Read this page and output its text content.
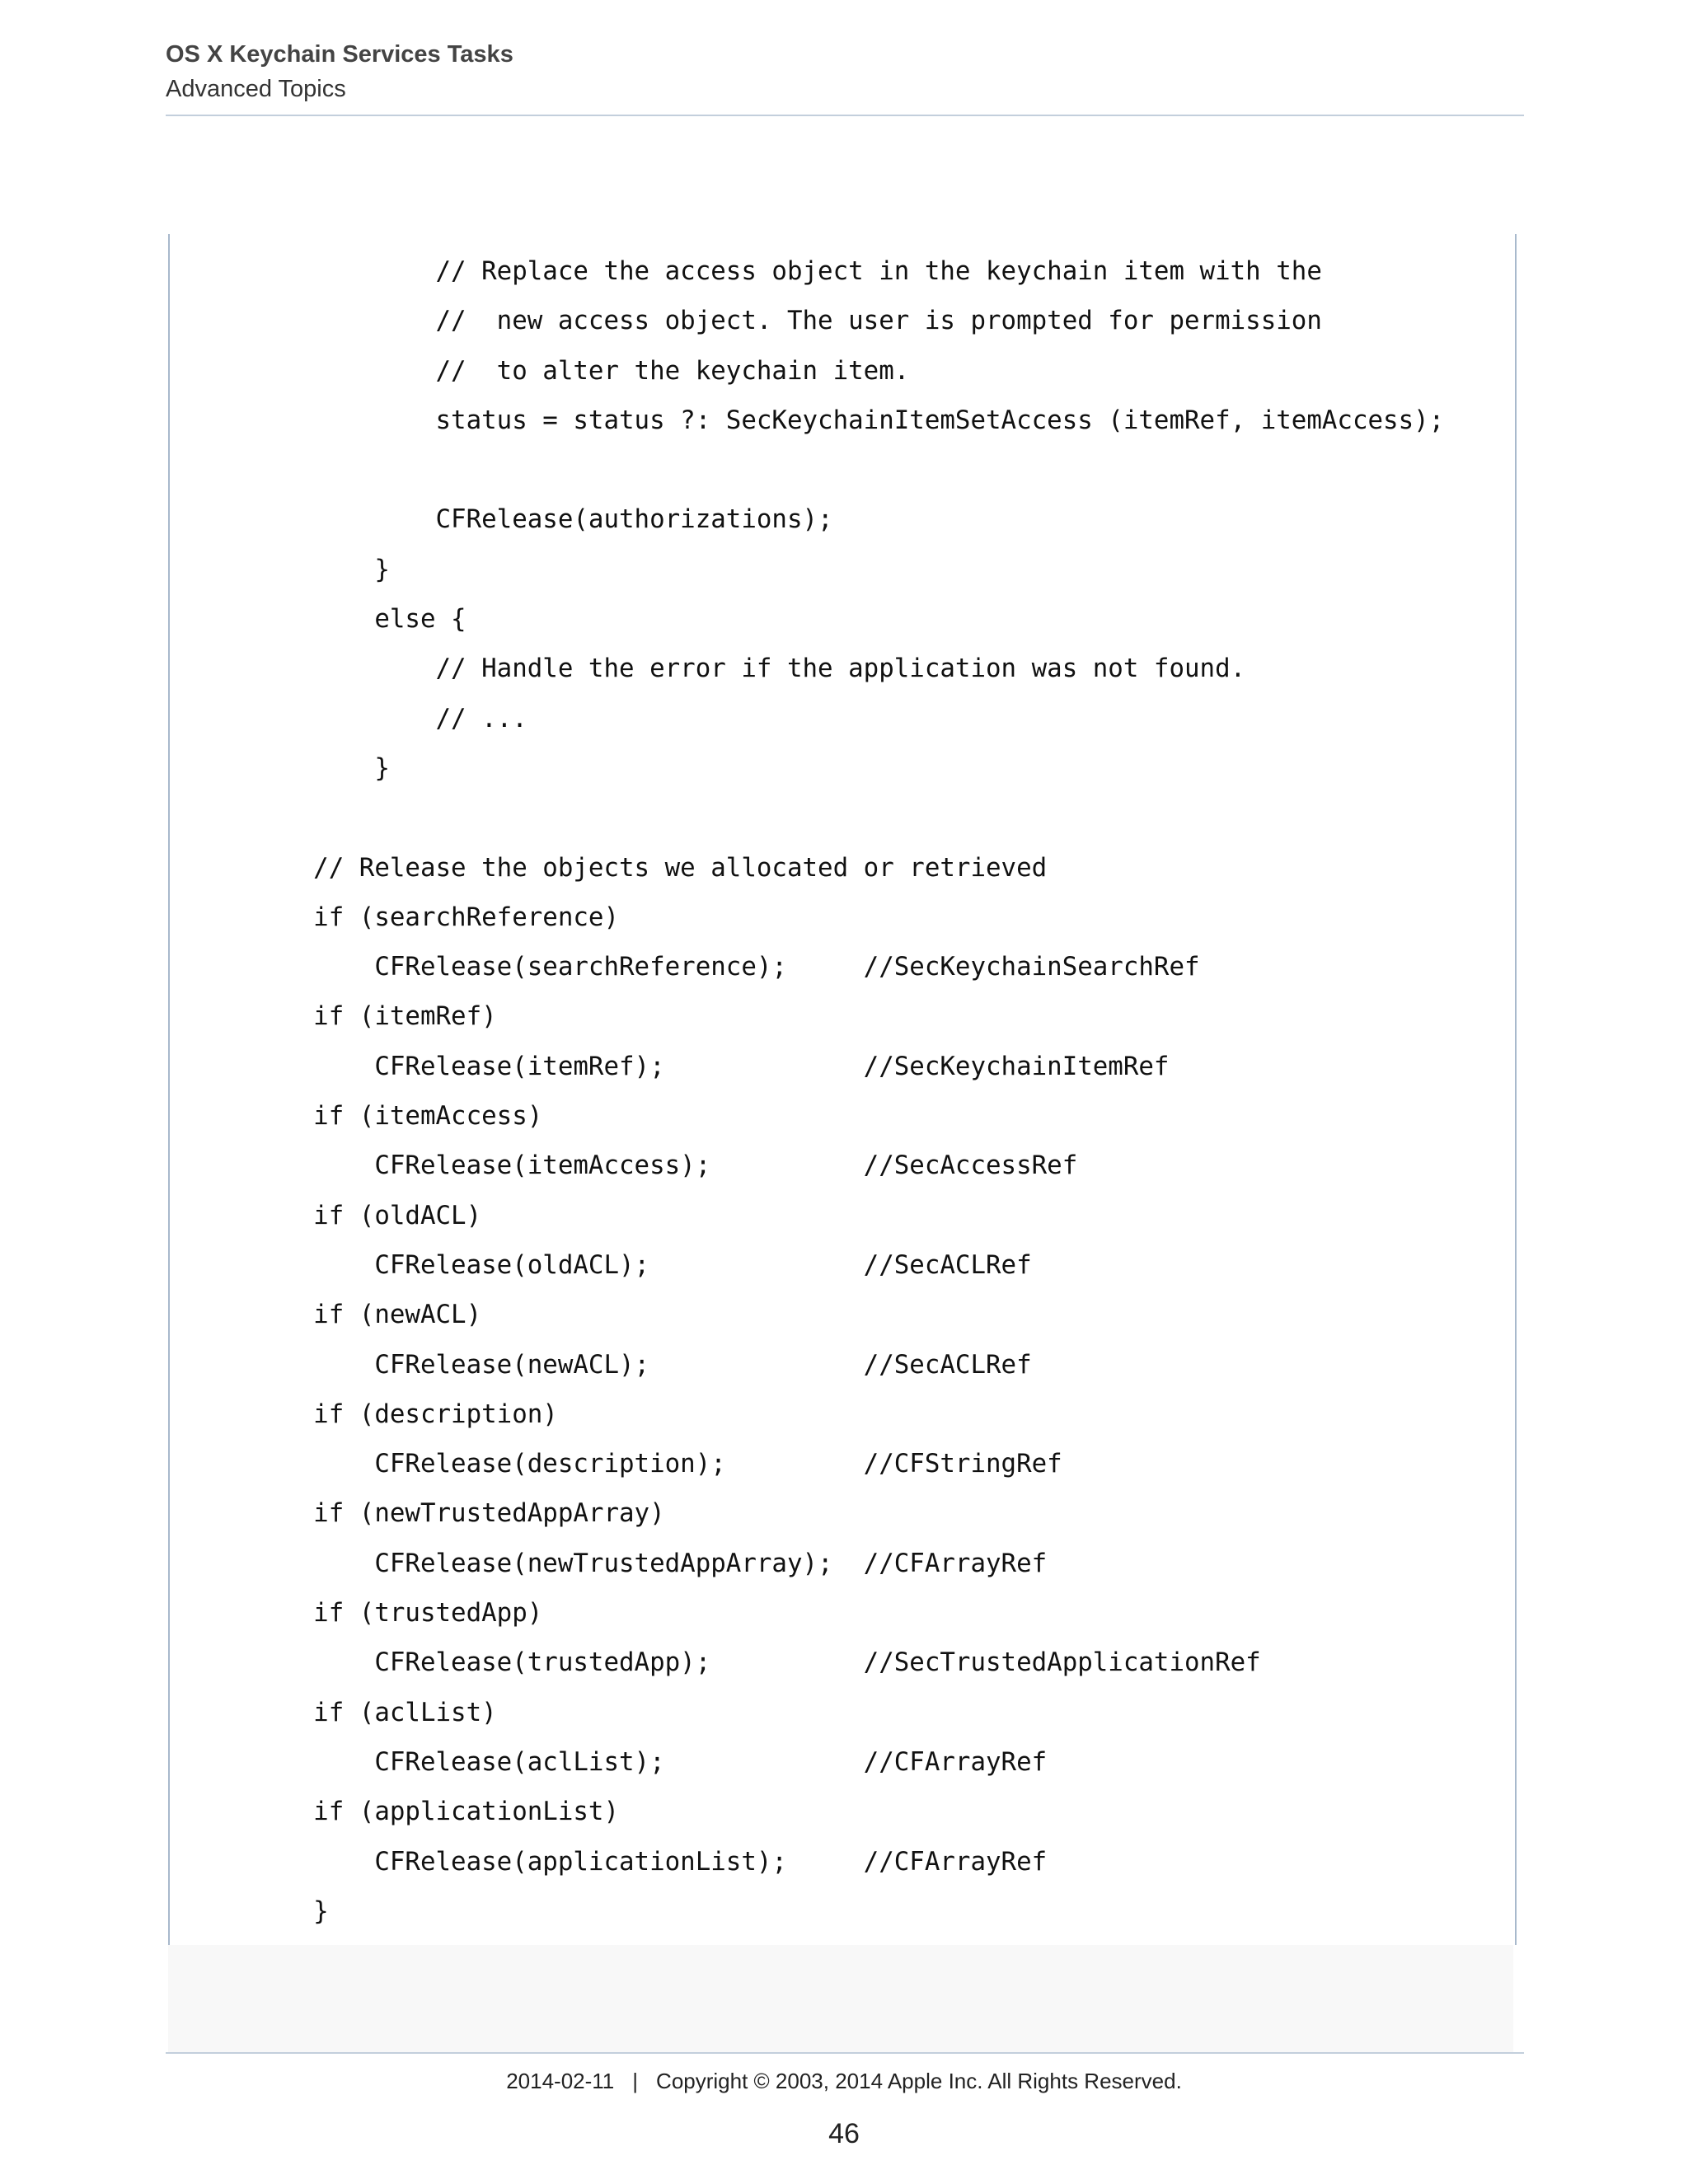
OS X Keychain Services Tasks
Advanced Topics
// Replace the access object in the keychain item with the
//  new access object. The user is prompted for permission
//  to alter the keychain item.
status = status ?: SecKeychainItemSetAccess (itemRef, itemAccess);
CFRelease(authorizations);
}
else {
// Handle the error if the application was not found.
// ...
}
// Release the objects we allocated or retrieved
if (searchReference)
CFRelease(searchReference);     //SecKeychainSearchRef
if (itemRef)
CFRelease(itemRef);             //SecKeychainItemRef
if (itemAccess)
CFRelease(itemAccess);          //SecAccessRef
if (oldACL)
CFRelease(oldACL);              //SecACLRef
if (newACL)
CFRelease(newACL);              //SecACLRef
if (description)
CFRelease(description);         //CFStringRef
if (newTrustedAppArray)
CFRelease(newTrustedAppArray);  //CFArrayRef
if (trustedApp)
CFRelease(trustedApp);          //SecTrustedApplicationRef
if (aclList)
CFRelease(aclList);             //CFArrayRef
if (applicationList)
CFRelease(applicationList);     //CFArrayRef
}
2014-02-11 | Copyright © 2003, 2014 Apple Inc. All Rights Reserved.
46
